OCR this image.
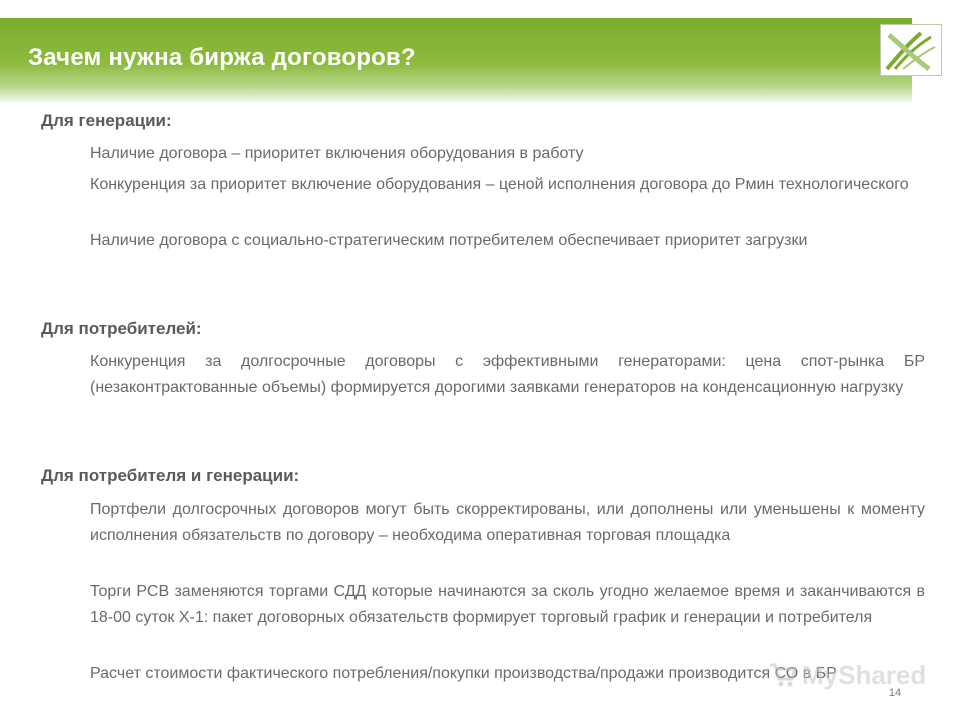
Зачем нужна биржа договоров?
Для генерации:
Наличие договора – приоритет включения оборудования в работу
Конкуренция за приоритет включение оборудования – ценой исполнения договора до Рмин технологического
Наличие договора с социально-стратегическим потребителем обеспечивает приоритет загрузки
Для потребителей:
Конкуренция за долгосрочные договоры с эффективными генераторами: цена спот-рынка БР (незаконтрактованные объемы) формируется дорогими заявками генераторов на конденсационную нагрузку
Для потребителя и генерации:
Портфели долгосрочных договоров могут быть скорректированы, или дополнены или уменьшены к моменту исполнения обязательств по договору – необходима оперативная торговая площадка
Торги РСВ заменяются торгами СДД которые начинаются за сколь угодно желаемое время и заканчиваются в 18-00 суток Х-1: пакет договорных обязательств формирует торговый график и генерации и потребителя
Расчет стоимости фактического потребления/покупки производства/продажи производится СО в БР
MyShared
14
